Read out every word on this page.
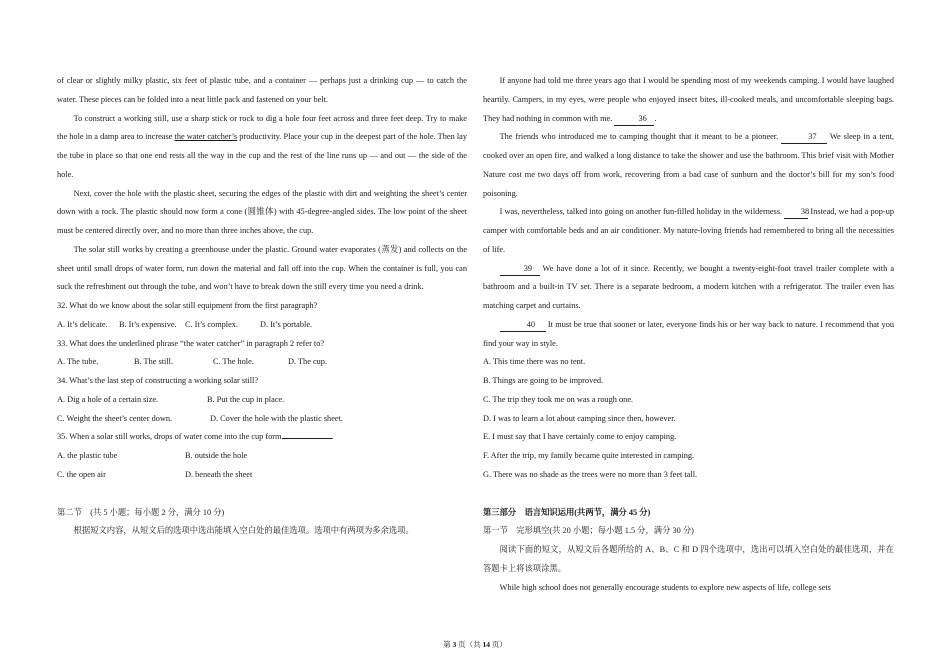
of clear or slightly milky plastic, six feet of plastic tube, and a container — perhaps just a drinking cup — to catch the water. These pieces can be folded into a neat little pack and fastened on your belt.

To construct a working still, use a sharp stick or rock to dig a hole four feet across and three feet deep. Try to make the hole in a damp area to increase the water catcher’s productivity. Place your cup in the deepest part of the hole. Then lay the tube in place so that one end rests all the way in the cup and the rest of the line runs up — and out — the side of the hole.

Next, cover the hole with the plastic sheet, securing the edges of the plastic with dirt and weighting the sheet’s center down with a rock. The plastic should now form a cone (圆锥体) with 45-degree-angled sides. The low point of the sheet must be centered directly over, and no more than three inches above, the cup.

The solar still works by creating a greenhouse under the plastic. Ground water evaporates (蒸发) and collects on the sheet until small drops of water form, run down the material and fall off into the cup. When the container is full, you can suck the refreshment out through the tube, and won’t have to break down the still every time you need a drink.

32. What do we know about the solar still equipment from the first paragraph?

A. It’s delicate.	B. It’s expensive.	C. It’s complex.	D. It’s portable.

33. What does the underlined phrase “the water catcher” in paragraph 2 refer to?

A. The tube.	B. The still.	C. The hole.	D. The cup.

34. What’s the last step of constructing a working solar still?

A. Dig a hole of a certain size.	B. Put the cup in place.
C. Weight the sheet’s center down.	D. Cover the hole with the plastic sheet.

35. When a solar still works, drops of water come into the cup form	.

A. the plastic tube	B. outside the hole
C. the open air	D. beneath the sheet

第二节　(共 5 小题；每小题 2 分，满分 10 分)

根据短文内容，从短文后的选项中选出能填入空白处的最佳选项。选项中有两项为多余选项。

If anyone had told me three years ago that I would be spending most of my weekends camping. I would have laughed heartily. Campers, in my eyes, were people who enjoyed insect bites, ill-cooked meals, and uncomfortable sleeping bags. They had nothing in common with me.	36 .

The friends who introduced me to camping thought that it meant to be a pioneer.	37 We sleep in a tent, cooked over an open fire, and walked a long distance to take the shower and use the bathroom. This brief visit with Mother Nature cost me two days off from work, recovering from a bad case of sunburn and the doctor’s bill for my son’s food poisoning.

I was, nevertheless, talked into going on another fun-filled holiday in the wilderness. 38 Instead, we had a pop-up camper with comfortable beds and an air conditioner. My nature-loving friends had remembered to bring all the necessities of life.

39 We have done a lot of it since. Recently, we bought a twenty-eight-foot travel trailer complete with a bathroom and a built-in TV set. There is a separate bedroom, a modern kitchen with a refrigerator. The trailer even has matching carpet and curtains.

40 It must be true that sooner or later, everyone finds his or her way back to nature. I recommend that you find your way in style.

A. This time there was no tent.

B. Things are going to be improved.

C. The trip they took me on was a rough one.

D. I was to learn a lot about camping since then, however.

E. I must say that I have certainly come to enjoy camping.

F. After the trip, my family became quite interested in camping.

G. There was no shade as the trees were no more than 3 feet tall.

第三部分　语言知识运用(共两节，满分 45 分)

第一节　完形填空(共 20 小题；每小题 1.5 分，满分 30 分)

阅读下面的短文，从短文后各题所给的 A、B、C 和 D 四个选项中，选出可以填入空白处的最佳选项，并在答题卡上将该项涂黑。

While high school does not generally encourage students to explore new aspects of life, college sets

第 3 页（共 14 页）
